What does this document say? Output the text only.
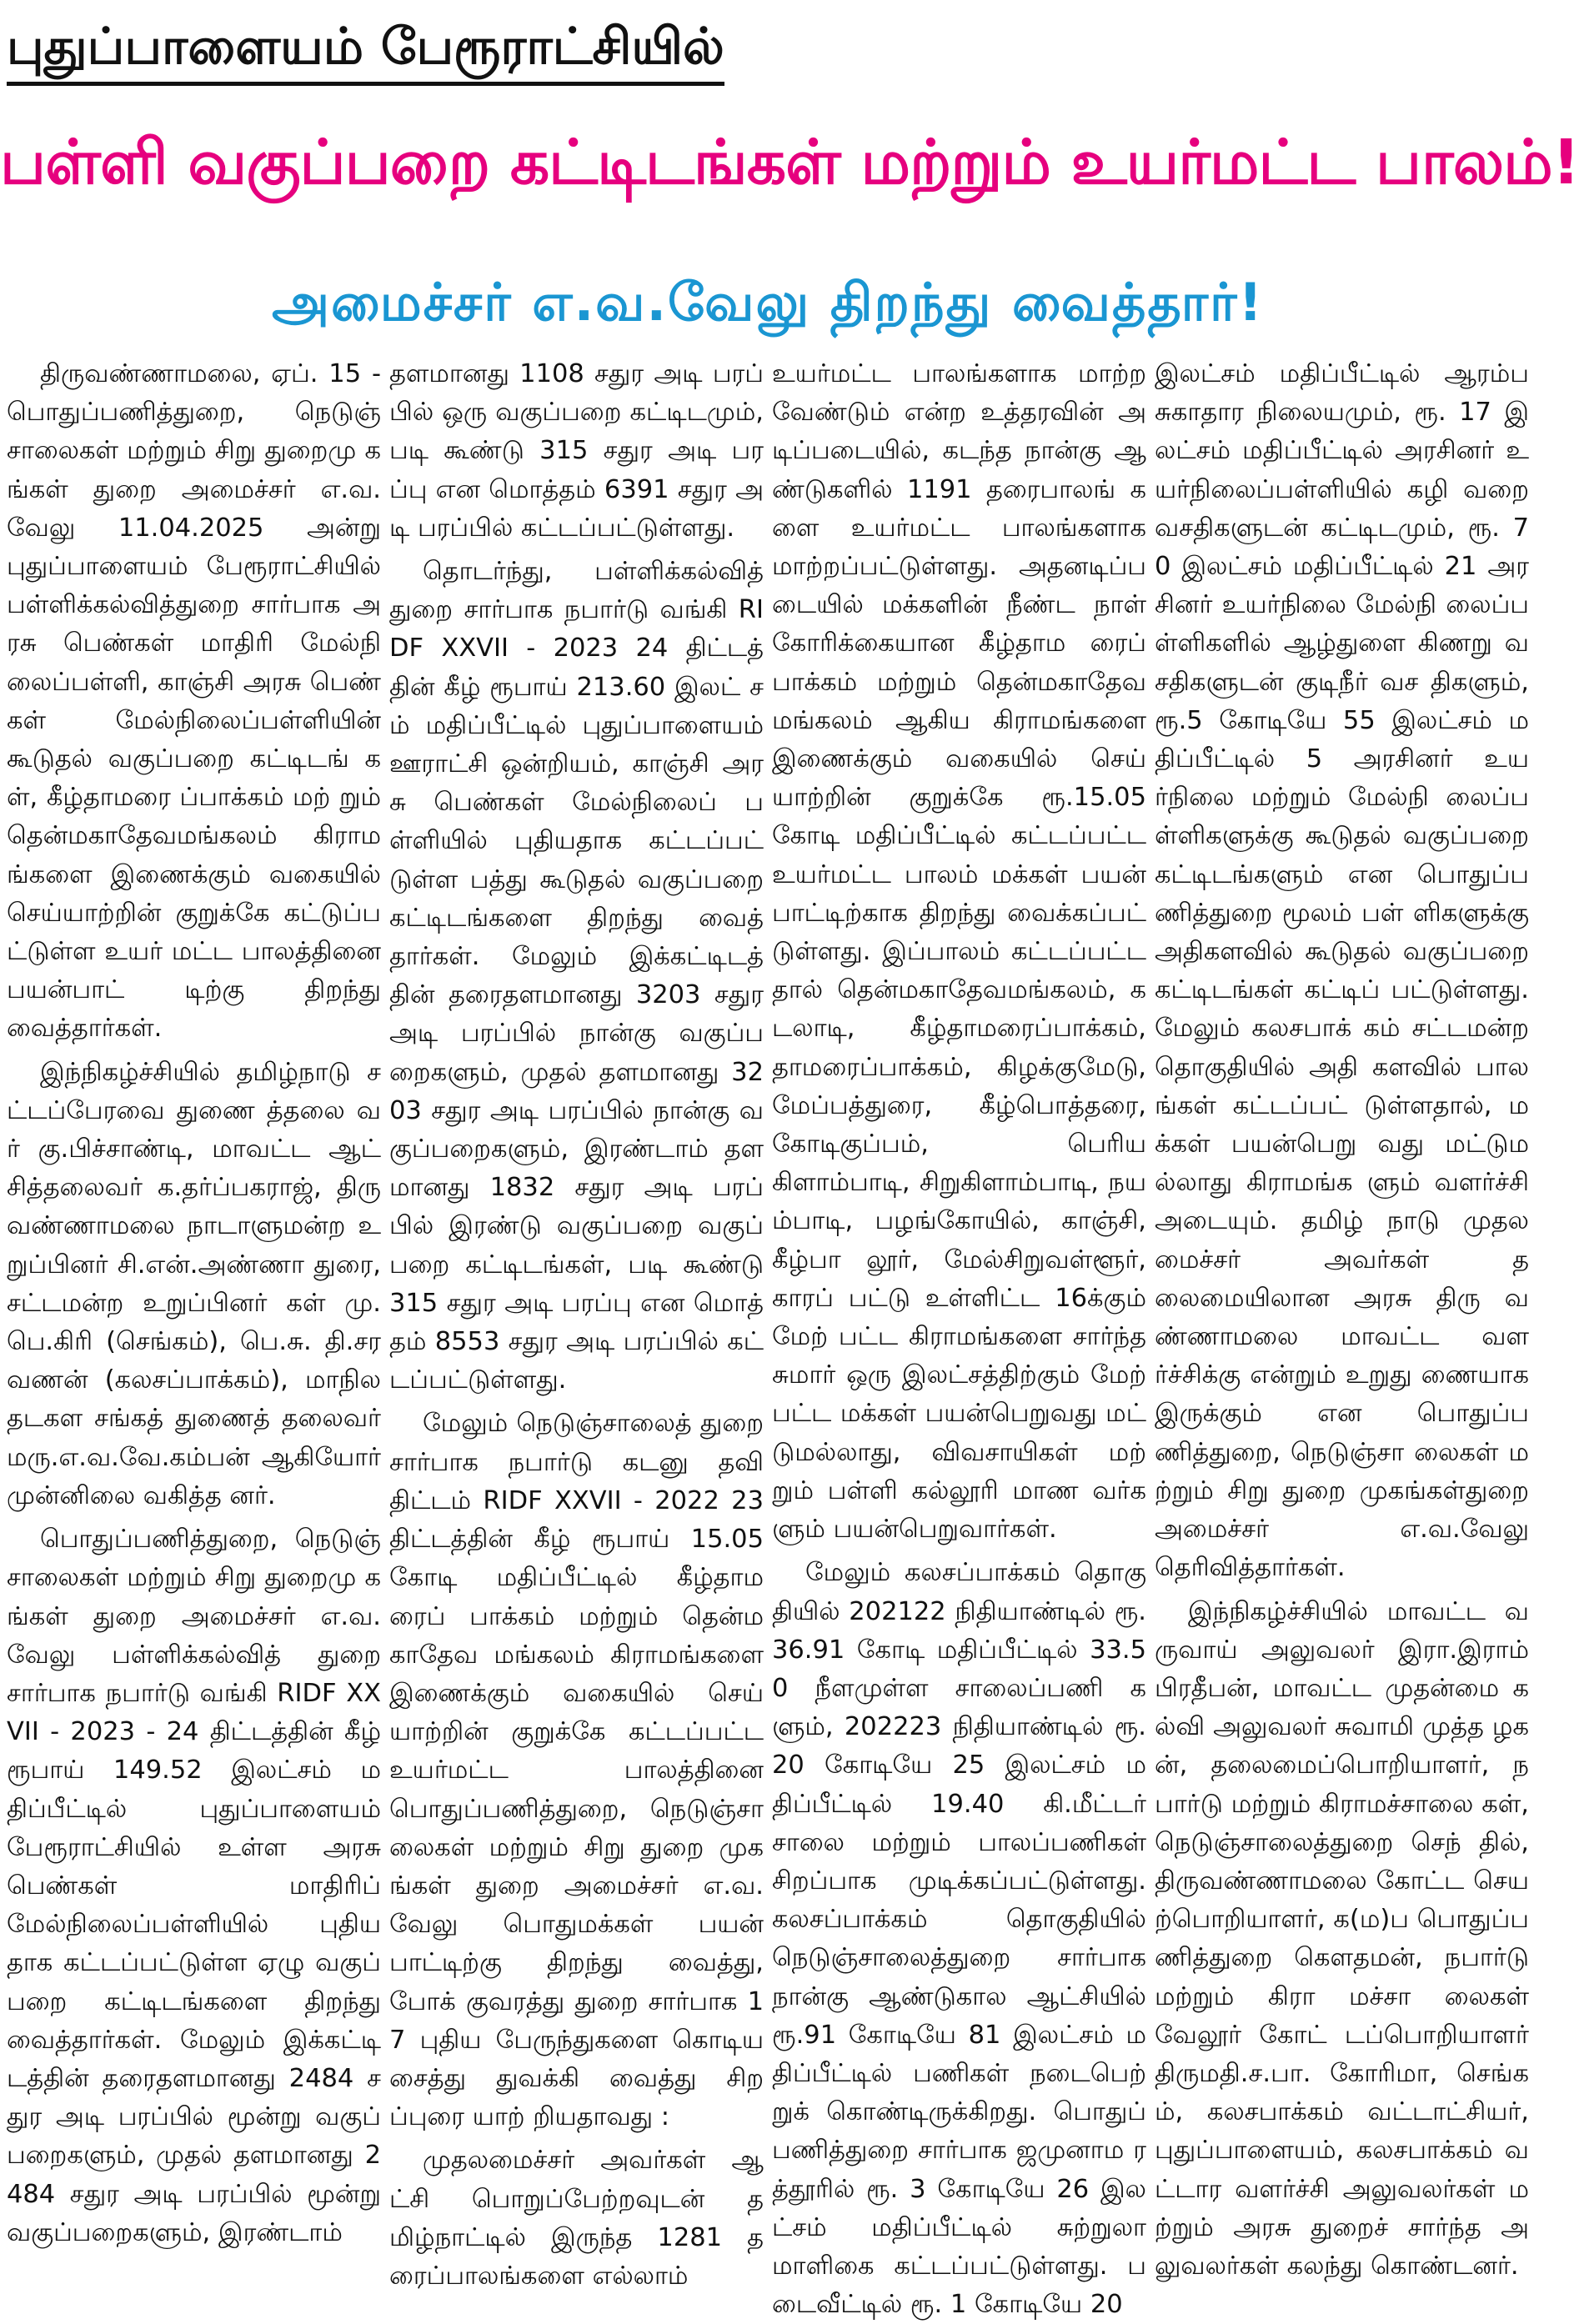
புதுப்பாளையம் பேரூராட்சியில்
பள்ளி வகுப்பறை கட்டிடங்கள் மற்றும் உயர்மட்ட பாலம்!
அமைச்சர் எ.வ.வேலு திறந்து வைத்தார்!

திருவண்ணாமலை, ஏப். 15 - பொதுப்பணித்துறை, நெடுஞ் சாலைகள் மற்றும் சிறு துறைமு கங்கள் துறை அமைச்சர் எ.வ.வேலு 11.04.2025 அன்று புதுப்பாளையம் பேரூராட்சியில் பள்ளிக்கல்வித்துறை சார்பாக அரசு பெண்கள் மாதிரி மேல்நி லைப்பள்ளி, காஞ்சி அரசு பெண் கள் மேல்நிலைப்பள்ளியின் கூடுதல் வகுப்பறை கட்டிடங் கள், கீழ்தாமரை ப்பாக்கம் மற் றும் தென்மகாதேவமங்கலம் கிராமங்களை இணைக்கும் வகையில் செய்யாற்றின் குறுக்கே கட்டுப்பட்டுள்ள உயர் மட்ட பாலத்தினை பயன்பாட் டிற்கு திறந்து வைத்தார்கள்.

இந்நிகழ்ச்சியில் தமிழ்நாடு சட்டப்பேரவை துணை த்தலை வர் கு.பிச்சாண்டி, மாவட்ட ஆட் சித்தலைவர் க.தர்ப்பகராஜ், திரு வண்ணாமலை நாடாளுமன்ற உறுப்பினர் சி.என்.அண்ணா துரை, சட்டமன்ற உறுப்பினர் கள் மு.பெ.கிரி (செங்கம்), பெ.சு. தி.சரவணன் (கலசப்பாக்கம்), மாநில தடகள சங்கத் துணைத் தலைவர் மரு.எ.வ.வே.கம்பன் ஆகியோர் முன்னிலை வகித்த னர்.

பொதுப்பணித்துறை, நெடுஞ் சாலைகள் மற்றும் சிறு துறைமு கங்கள் துறை அமைச்சர் எ.வ.வேலு பள்ளிக்கல்வித் துறை சார்பாக நபார்டு வங்கி RIDF XXVII - 2023 - 24 திட்டத்தின் கீழ் ரூபாய் 149.52 இலட்சம் மதிப்பீட்டில் புதுப்பாளையம் பேரூராட்சியில் உள்ள அரசு பெண்கள் மாதிரிப் மேல்நிலைப்பள்ளியில் புதிய தாக கட்டப்பட்டுள்ள ஏழு வகுப் பறை கட்டிடங்களை திறந்து வைத்தார்கள். மேலும் இக்கட்டி டத்தின் தரைதளமானது 2484 சதுர அடி பரப்பில் மூன்று வகுப் பறைகளும், முதல் தளமானது 2484 சதுர அடி பரப்பில் மூன்று வகுப்பறைகளும், இரண்டாம்

தளமானது 1108 சதுர அடி பரப் பில் ஒரு வகுப்பறை கட்டிடமும், படி கூண்டு 315 சதுர அடி பரப்பு என மொத்தம் 6391 சதுர அடி பரப்பில் கட்டப்பட்டுள்ளது.

தொடர்ந்து, பள்ளிக்கல்வித் துறை சார்பாக நபார்டு வங்கி RIDF XXVII - 2023 24 திட்டத் தின் கீழ் ரூபாய் 213.60 இலட் சம் மதிப்பீட்டில் புதுப்பாளையம் ஊராட்சி ஒன்றியம், காஞ்சி அரசு பெண்கள் மேல்நிலைப் பள்ளியில் புதியதாக கட்டப்பட் டுள்ள பத்து கூடுதல் வகுப்பறை கட்டிடங்களை திறந்து வைத் தார்கள். மேலும் இக்கட்டிடத் தின் தரைதளமானது 3203 சதுர அடி பரப்பில் நான்கு வகுப்ப றைகளும், முதல் தளமானது 3203 சதுர அடி பரப்பில் நான்கு வகுப்பறைகளும், இரண்டாம் தளமானது 1832 சதுர அடி பரப் பில் இரண்டு வகுப்பறை வகுப் பறை கட்டிடங்கள், படி கூண்டு 315 சதுர அடி பரப்பு என மொத் தம் 8553 சதுர அடி பரப்பில் கட் டப்பட்டுள்ளது.

மேலும் நெடுஞ்சாலைத் துறை சார்பாக நபார்டு கடனு தவி திட்டம் RIDF XXVII - 2022 23 திட்டத்தின் கீழ் ரூபாய் 15.05 கோடி மதிப்பீட்டில் கீழ்தாம ரைப் பாக்கம் மற்றும் தென்மகாதேவ மங்கலம் கிராமங்களை இணைக்கும் வகையில் செய் யாற்றின் குறுக்கே கட்டப்பட்ட உயர்மட்ட பாலத்தினை பொதுப்பணித்துறை, நெடுஞ்சா லைகள் மற்றும் சிறு துறை முகங்கள் துறை அமைச்சர் எ.வ.வேலு பொதுமக்கள் பயன் பாட்டிற்கு திறந்து வைத்து, போக் குவரத்து துறை சார்பாக 17 புதிய பேருந்துகளை கொடியசைத்து துவக்கி வைத்து சிறப்புரை யாற் றியதாவது :

முதலமைச்சர் அவர்கள் ஆட்சி பொறுப்பேற்றவுடன் தமிழ்நாட்டில் இருந்த 1281 தரைப்பாலங்களை எல்லாம்

உயர்மட்ட பாலங்களாக மாற்ற வேண்டும் என்ற உத்தரவின் அடிப்படையில், கடந்த நான்கு ஆண்டுகளில் 1191 தரைபாலங் களை உயர்மட்ட பாலங்களாக மாற்றப்பட்டுள்ளது. அதனடிப்ப டையில் மக்களின் நீண்ட நாள் கோரிக்கையான கீழ்தாம ரைப் பாக்கம் மற்றும் தென்மகாதேவ மங்கலம் ஆகிய கிராமங்களை இணைக்கும் வகையில் செய் யாற்றின் குறுக்கே ரூ.15.05 கோடி மதிப்பீட்டில் கட்டப்பட்ட உயர்மட்ட பாலம் மக்கள் பயன் பாட்டிற்காக திறந்து வைக்கப்பட் டுள்ளது. இப்பாலம் கட்டப்பட்ட தால் தென்மகாதேவமங்கலம், கடலாடி, கீழ்தாமரைப்பாக்கம், தாமரைப்பாக்கம், கிழக்குமேடு, மேப்பத்துரை, கீழ்பொத்தரை, கோடிகுப்பம், பெரியகிளாம்பாடி, சிறுகிளாம்பாடி, நயம்பாடி, பழங்கோயில், காஞ்சி, கீழ்பா லூர், மேல்சிறுவள்ளூர், காரப் பட்டு உள்ளிட்ட 16க்கும் மேற் பட்ட கிராமங்களை சார்ந்த சுமார் ஒரு இலட்சத்திற்கும் மேற் பட்ட மக்கள் பயன்பெறுவது மட் டுமல்லாது, விவசாயிகள் மற் றும் பள்ளி கல்லூரி மாண வர்களும் பயன்பெறுவார்கள்.

மேலும் கலசப்பாக்கம் தொகு தியில் 202122 நிதியாண்டில் ரூ. 36.91 கோடி மதிப்பீட்டில் 33.50 நீளமுள்ள சாலைப்பணி களும், 202223 நிதியாண்டில் ரூ.20 கோடியே 25 இலட்சம் மதிப்பீட்டில் 19.40 கி.மீட்டர் சாலை மற்றும் பாலப்பணிகள் சிறப்பாக முடிக்கப்பட்டுள்ளது. கலசப்பாக்கம் தொகுதியில் நெடுஞ்சாலைத்துறை சார்பாக நான்கு ஆண்டுகால ஆட்சியில் ரூ.91 கோடியே 81 இலட்சம் மதிப்பீட்டில் பணிகள் நடைபெற் றுக் கொண்டிருக்கிறது. பொதுப் பணித்துறை சார்பாக ஜமுனாம ரத்தூரில் ரூ. 3 கோடியே 26 இலட்சம் மதிப்பீட்டில் சுற்றுலா மாளிகை கட்டப்பட்டுள்ளது. படைவீட்டில் ரூ. 1 கோடியே 20

இலட்சம் மதிப்பீட்டில் ஆரம்ப சுகாதார நிலையமும், ரூ. 17 இலட்சம் மதிப்பீட்டில் அரசினர் உயர்நிலைப்பள்ளியில் கழி வறை வசதிகளுடன் கட்டிடமும், ரூ. 70 இலட்சம் மதிப்பீட்டில் 21 அரசினர் உயர்நிலை மேல்நி லைப்பள்ளிகளில் ஆழ்துளை கிணறு வசதிகளுடன் குடிநீர் வச திகளும், ரூ.5 கோடியே 55 இலட்சம் மதிப்பீட்டில் 5 அரசினர் உயர்நிலை மற்றும் மேல்நி லைப்பள்ளிகளுக்கு கூடுதல் வகுப்பறை கட்டிடங்களும் என பொதுப்பணித்துறை மூலம் பள் ளிகளுக்கு அதிகளவில் கூடுதல் வகுப்பறை கட்டிடங்கள் கட்டிப் பட்டுள்ளது. மேலும் கலசபாக் கம் சட்டமன்ற தொகுதியில் அதி களவில் பாலங்கள் கட்டப்பட் டுள்ளதால், மக்கள் பயன்பெறு வது மட்டுமல்லாது கிராமங்க ளும் வளர்ச்சி அடையும். தமிழ் நாடு முதலமைச்சர் அவர்கள் தலைமையிலான அரசு திரு வண்ணாமலை மாவட்ட வளர்ச்சிக்கு என்றும் உறுது ணையாக இருக்கும் என பொதுப்பணித்துறை, நெடுஞ்சா லைகள் மற்றும் சிறு துறை முகங்கள்துறை அமைச்சர் எ.வ.வேலு தெரிவித்தார்கள்.

இந்நிகழ்ச்சியில் மாவட்ட வருவாய் அலுவலர் இரா.இராம் பிரதீபன், மாவட்ட முதன்மை கல்வி அலுவலர் சுவாமி முத்த ழகன், தலைமைப்பொறியாளர், நபார்டு மற்றும் கிராமச்சாலை கள், நெடுஞ்சாலைத்துறை செந் தில், திருவண்ணாமலை கோட்ட செயற்பொறியாளர், க(ம)ப பொதுப்பணித்துறை கௌதமன், நபார்டு மற்றும் கிரா மச்சா லைகள் வேலூர் கோட் டப்பொறியாளர் திருமதி.ச.பா. கோரிமா, செங்கம், கலசபாக்கம் வட்டாட்சியர், புதுப்பாளையம், கலசபாக்கம் வட்டார வளர்ச்சி அலுவலர்கள் மற்றும் அரசு துறைச் சார்ந்த அலுவலர்கள் கலந்து கொண்டனர்.
